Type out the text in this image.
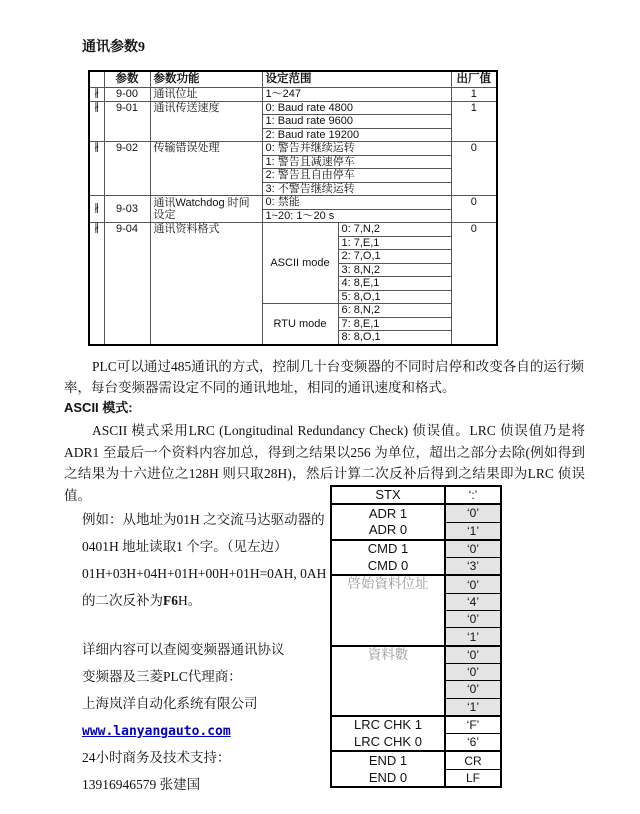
通讯参数9
	参数	参数功能	设定范围		出厂值
∦	9-00	通讯位址	1～247		1
∦	9-01	通讯传送速度	0: Baud rate 4800		1
			1: Baud rate 9600		
			2: Baud rate 19200		
∦	9-02	传输错误处理	0: 警告并继续运转		0
			1: 警告且减速停车		
			2: 警告且自由停车		
			3: 不警告继续运转		
∦	9-03	通讯Watchdog 时间设定	0: 禁能		0
			1~20: 1～20 s		
∦	9-04	通讯资料格式	ASCII mode	0: 7,N,2	0
				1: 7,E,1	
				2: 7,O,1	
				3: 8,N,2	
				4: 8,E,1	
				5: 8,O,1	
			RTU mode	6: 8,N,2	
				7: 8,E,1	
				8: 8,O,1	
PLC可以通过485通讯的方式，控制几十台变频器的不同时启停和改变各自的运行频率，每台变频器需设定不同的通讯地址，相同的通讯速度和格式。
ASCII 模式:
ASCII 模式采用LRC (Longitudinal Redundancy Check) 侦误值。LRC 侦误值乃是将ADR1 至最后一个资料内容加总，得到之结果以256 为单位，超出之部分去除(例如得到之结果为十六进位之128H 则只取28H)，然后计算二次反补后得到之结果即为LRC 侦误值。
例如：从地址为01H 之交流马达驱动器的
0401H 地址读取1 个字。（见左边）
01H+03H+04H+01H+00H+01H=0AH, 0AH
的二次反补为F6H。
详细内容可以查阅变频器通讯协议
变频器及三菱PLC代理商：
上海岚洋自动化系统有限公司
www.lanyangauto.com
24小时商务及技术支持：
13916946579 张建国
STX	‘:’
ADR 1	‘0’
ADR 0	‘1’
CMD 1	‘0’
CMD 0	‘3’
啓始資料位址	‘0’
	‘4’
	‘0’
	‘1’
資料數	‘0’
	‘0’
	‘0’
	‘1’
LRC CHK 1	‘F’
LRC CHK 0	‘6’
END 1	CR
END 0	LF
